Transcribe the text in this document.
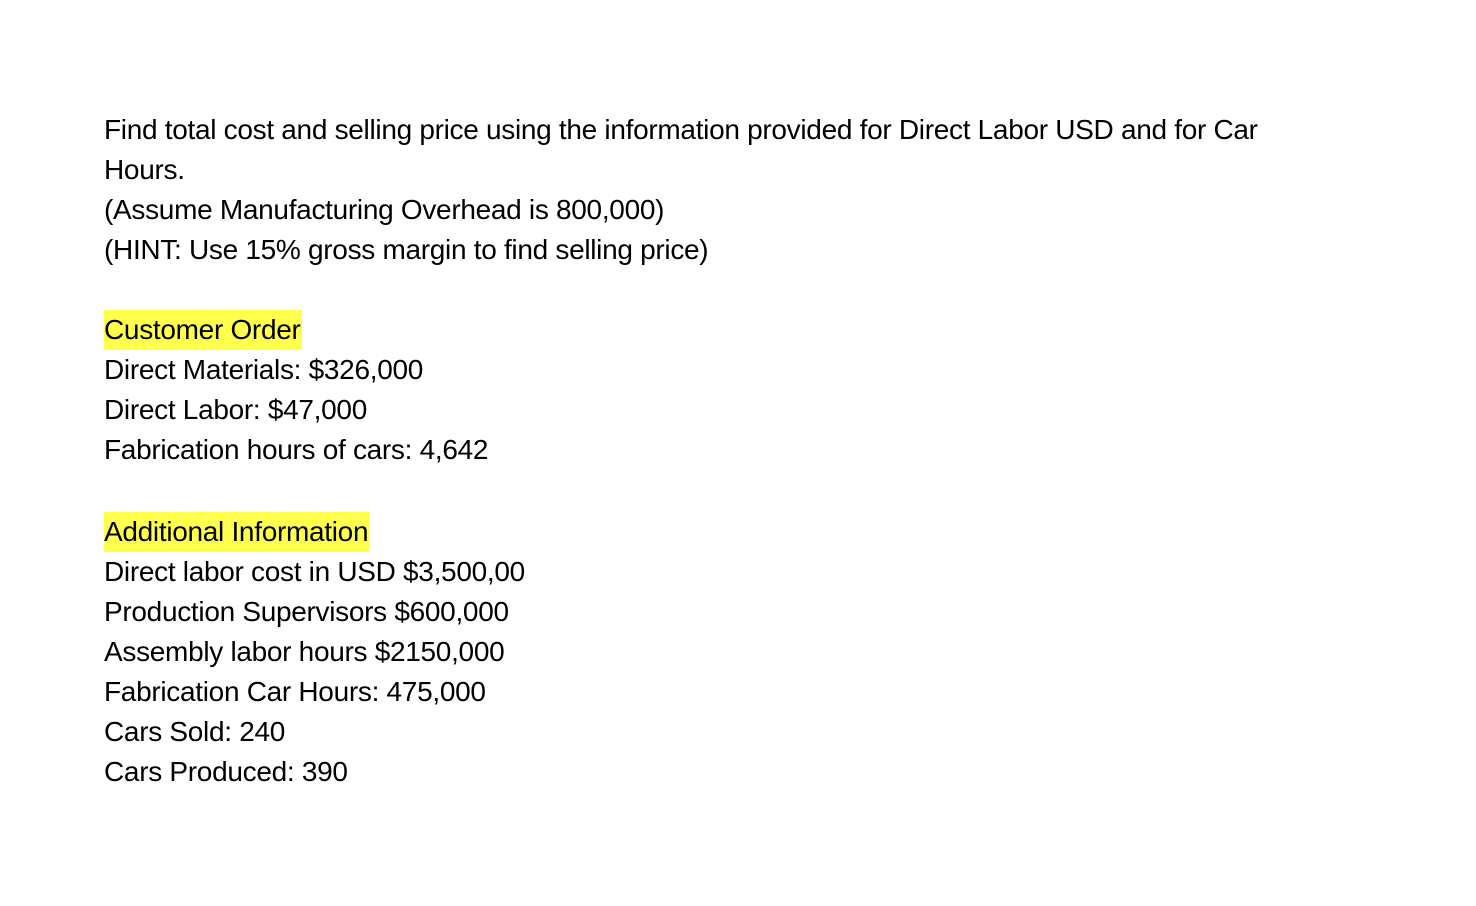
Find total cost and selling price using the information provided for Direct Labor USD and for Car
Hours.
(Assume Manufacturing Overhead is 800,000)
(HINT: Use 15% gross margin to find selling price)
Customer Order
Direct Materials: $326,000
Direct Labor: $47,000
Fabrication hours of cars: 4,642
Additional Information
Direct labor cost in USD $3,500,00
Production Supervisors $600,000
Assembly labor hours $2150,000
Fabrication Car Hours: 475,000
Cars Sold: 240
Cars Produced: 390
